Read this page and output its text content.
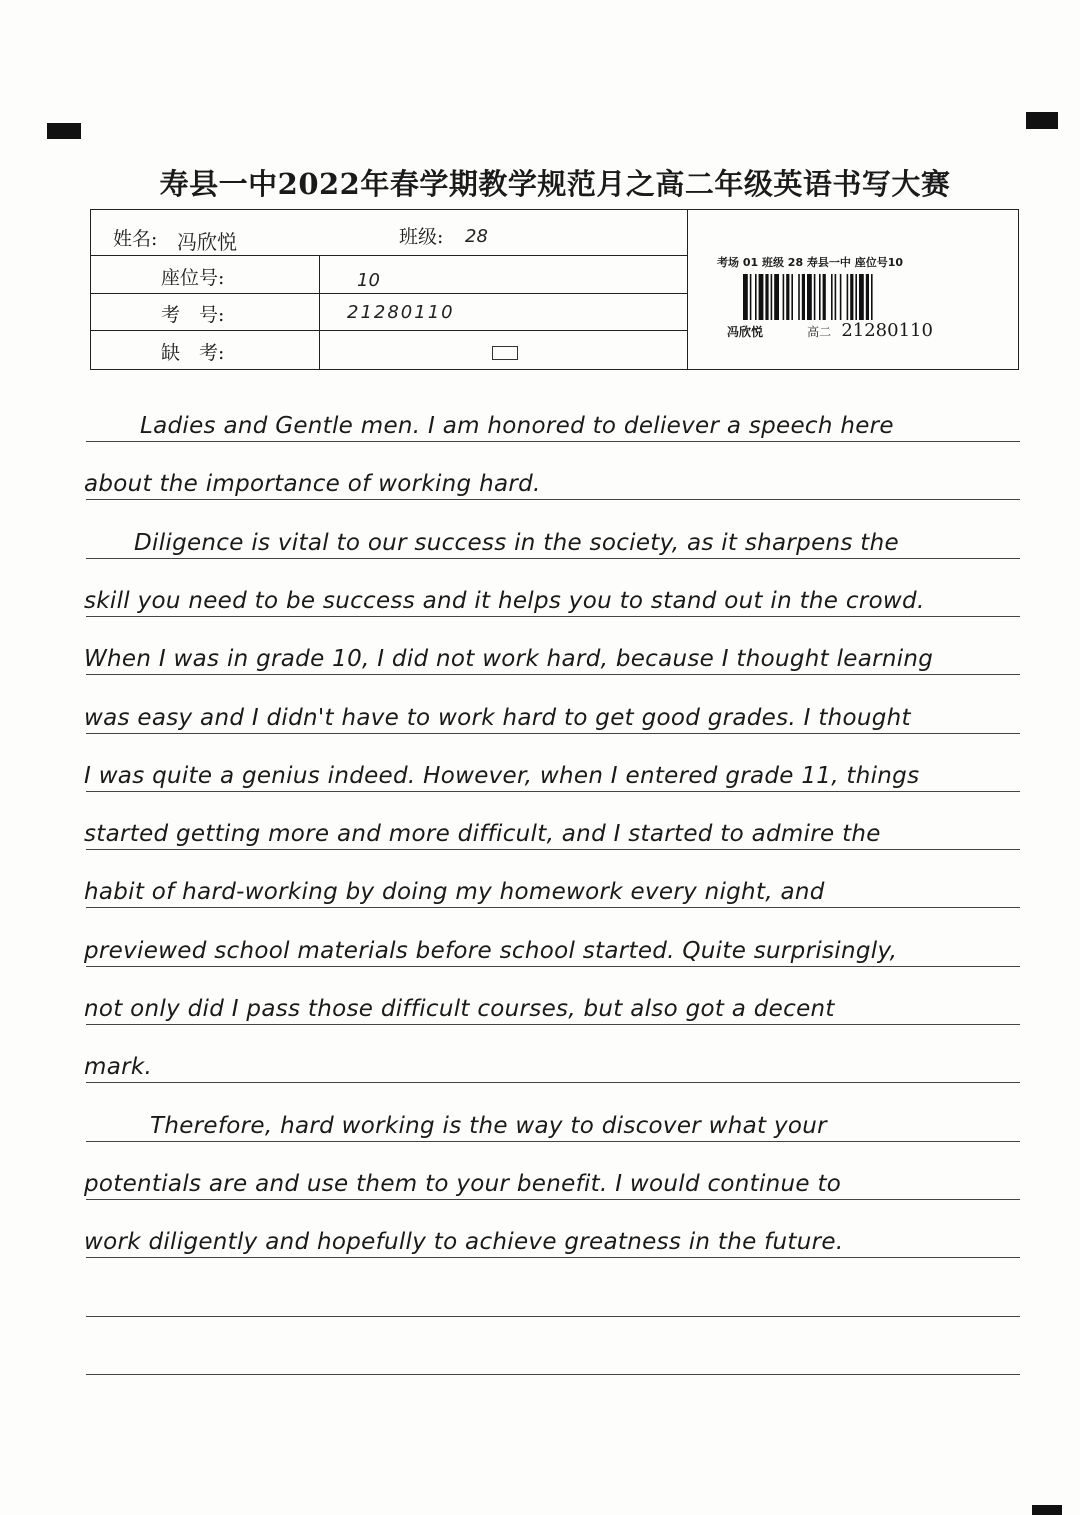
寿县一中2022年春学期教学规范月之高二年级英语书写大赛
姓名: 冯欣悦	班级: 28
座位号:	10
考　号:	21280110
缺　考:
考场 01 班级 28 寿县一中 座位号10
冯欣悦	高二 21280110
Ladies and Gentle men. I am honored to deliever a speech here
about the importance of working hard.
Diligence is vital to our success in the society, as it sharpens the
skill you need to be success and it helps you to stand out in the crowd.
When I was in grade 10, I did not work hard, because I thought learning
was easy and I didn't have to work hard to get good grades. I thought
I was quite a genius indeed. However, when I entered grade 11, things
started getting more and more difficult, and I started to admire the
habit of hard-working by doing my homework every night, and
previewed school materials before school started. Quite surprisingly,
not only did I pass those difficult courses, but also got a decent
mark.
Therefore, hard working is the way to discover what your
potentials are and use them to your benefit. I would continue to
work diligently and hopefully to achieve greatness in the future.
